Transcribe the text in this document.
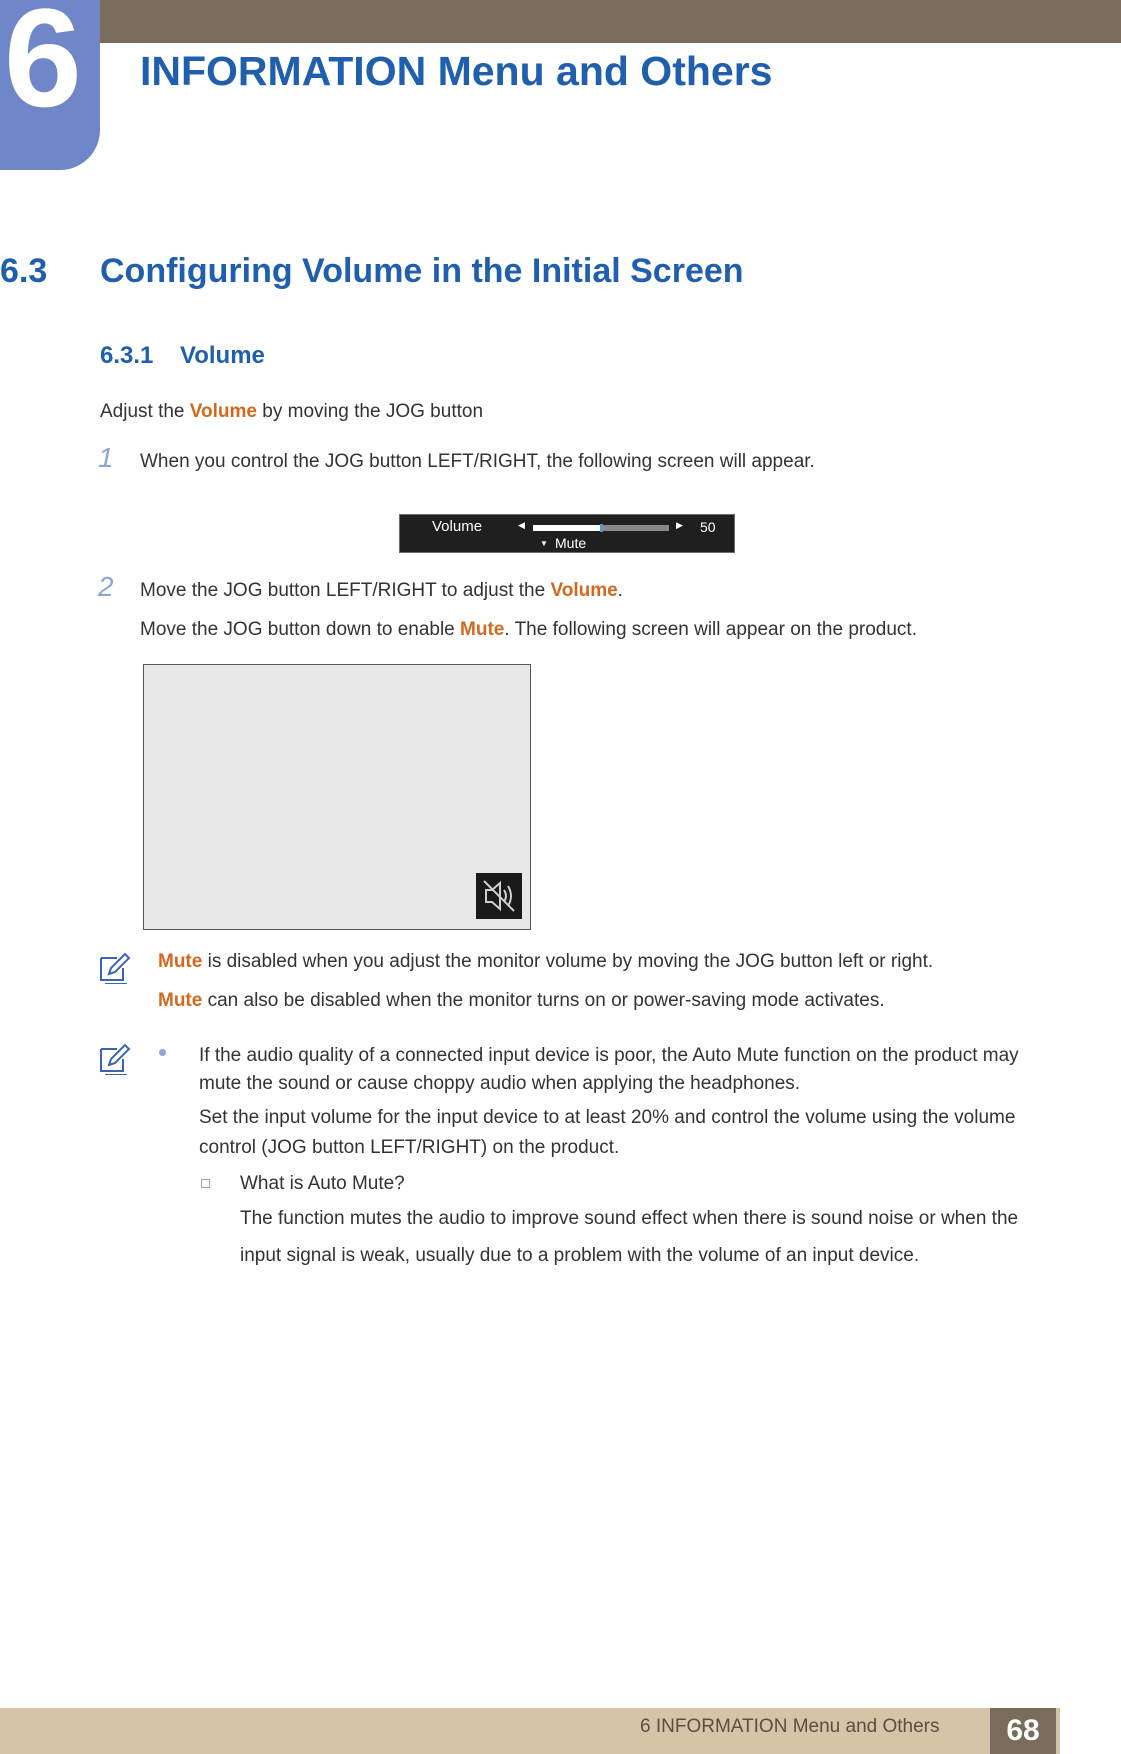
6 INFORMATION Menu and Others
6.3 Configuring Volume in the Initial Screen
6.3.1 Volume
Adjust the Volume by moving the JOG button
1 When you control the JOG button LEFT/RIGHT, the following screen will appear.
Volume	◀	▶ 50
▼ Mute
2 Move the JOG button LEFT/RIGHT to adjust the Volume.
Move the JOG button down to enable Mute. The following screen will appear on the product.
Mute is disabled when you adjust the monitor volume by moving the JOG button left or right.
Mute can also be disabled when the monitor turns on or power-saving mode activates.
If the audio quality of a connected input device is poor, the Auto Mute function on the product may
mute the sound or cause choppy audio when applying the headphones.
Set the input volume for the input device to at least 20% and control the volume using the volume
control (JOG button LEFT/RIGHT) on the product.
What is Auto Mute?
The function mutes the audio to improve sound effect when there is sound noise or when the
input signal is weak, usually due to a problem with the volume of an input device.
6 INFORMATION Menu and Others	68
